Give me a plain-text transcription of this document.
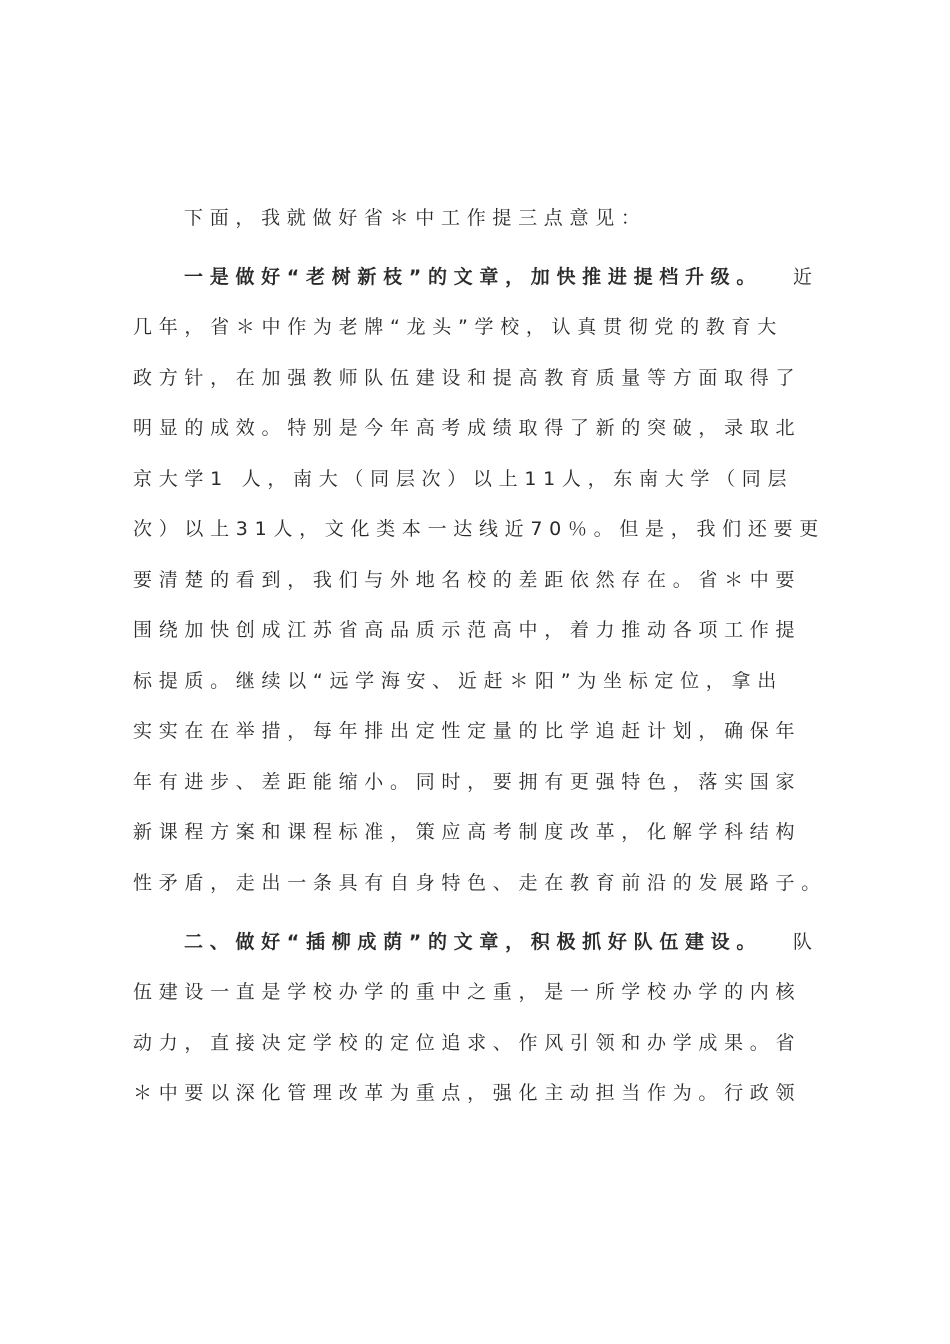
下面，我就做好省＊中工作提三点意见：
一是做好“老树新枝”的文章，加快推进提档升级。 近
几年，省＊中作为老牌“龙头”学校，认真贯彻党的教育大
政方针，在加强教师队伍建设和提高教育质量等方面取得了
明显的成效。特别是今年高考成绩取得了新的突破，录取北
京大学1 人，南大（同层次）以上11人，东南大学（同层
次）以上31人，文化类本一达线近70％。但是，我们还要更
要清楚的看到，我们与外地名校的差距依然存在。省＊中要
围绕加快创成江苏省高品质示范高中，着力推动各项工作提
标提质。继续以“远学海安、近赶＊阳”为坐标定位，拿出
实实在在举措，每年排出定性定量的比学追赶计划，确保年
年有进步、差距能缩小。同时，要拥有更强特色，落实国家
新课程方案和课程标准，策应高考制度改革，化解学科结构
性矛盾，走出一条具有自身特色、走在教育前沿的发展路子。
二、做好“插柳成荫”的文章，积极抓好队伍建设。 队
伍建设一直是学校办学的重中之重，是一所学校办学的内核
动力，直接决定学校的定位追求、作风引领和办学成果。省
＊中要以深化管理改革为重点，强化主动担当作为。行政领
